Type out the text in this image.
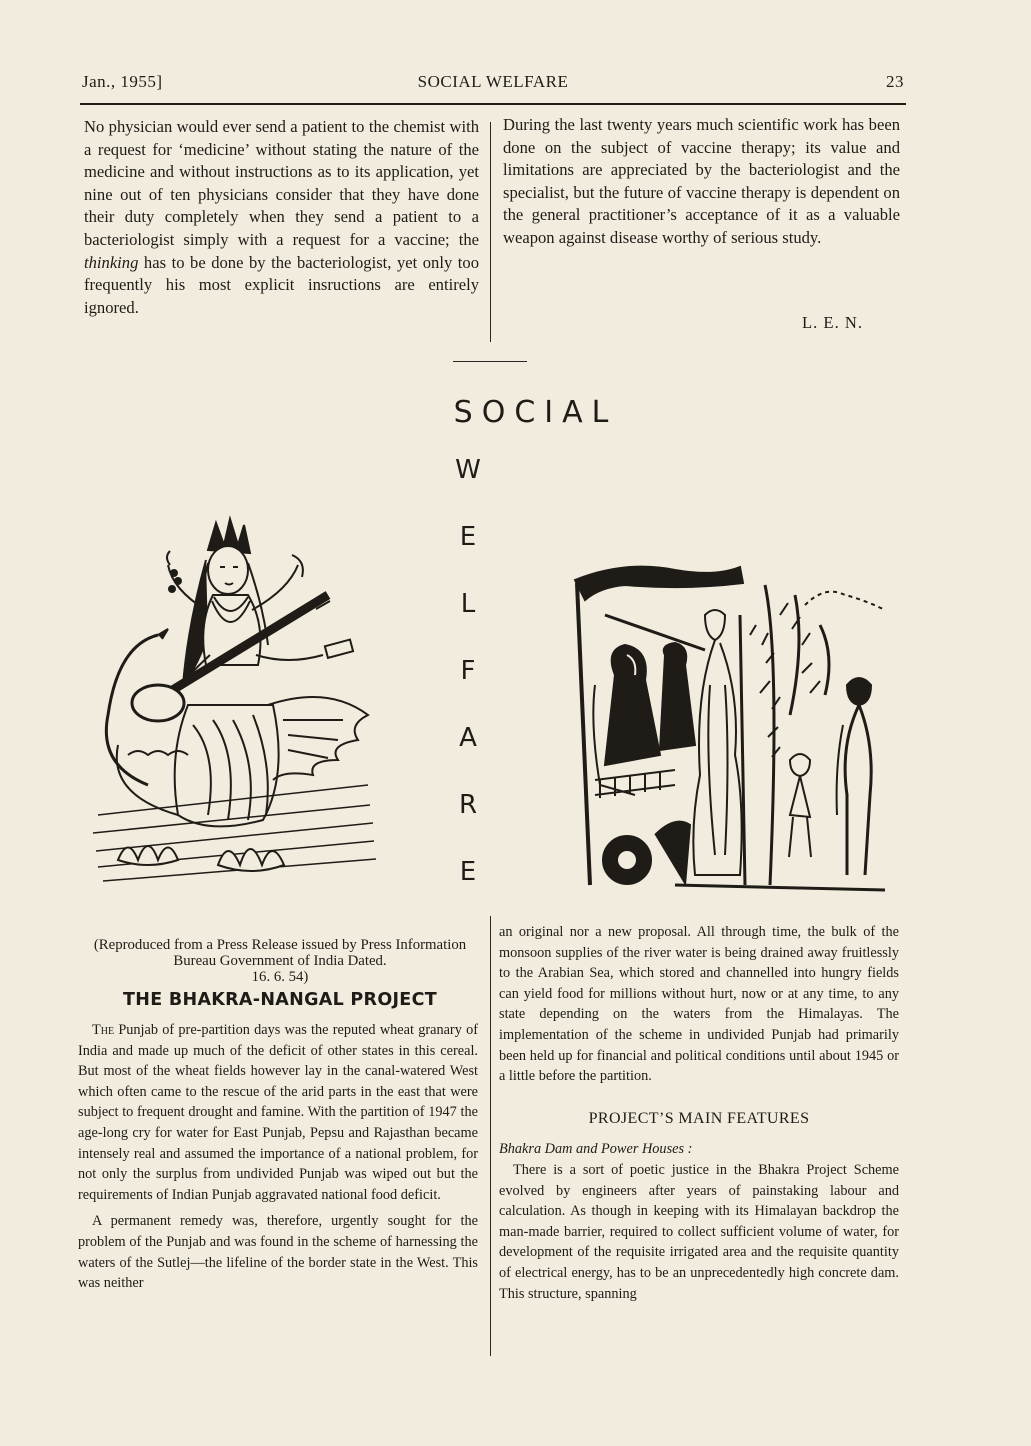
Jan., 1955]	SOCIAL WELFARE	23

No physician would ever send a patient to the chemist with a request for ‘medicine’ without stating the nature of the medicine and without instructions as to its application, yet nine out of ten physicians consider that they have done their duty completely when they send a patient to a bacteriologist simply with a request for a vaccine; the thinking has to be done by the bacteriologist, yet only too frequently his most explicit insructions are entirely ignored.

During the last twenty years much scientific work has been done on the subject of vaccine therapy; its value and limitations are appreciated by the bacteriologist and the specialist, but the future of vaccine therapy is dependent on the general practitioner’s acceptance of it as a valuable weapon against disease worthy of serious study.

L. E. N.
SOCIAL
W
E
L
F
A
R
E
(Reproduced from a Press Release issued by Press Information Bureau Government of India Dated.
16. 6. 54)
THE BHAKRA-NANGAL PROJECT

The Punjab of pre-partition days was the reputed wheat granary of India and made up much of the deficit of other states in this cereal. But most of the wheat fields however lay in the canal-watered West which often came to the rescue of the arid parts in the east that were subject to frequent drought and famine. With the partition of 1947 the age-long cry for water for East Punjab, Pepsu and Rajasthan became intensely real and assumed the importance of a national problem, for not only the surplus from undivided Punjab was wiped out but the requirements of Indian Punjab aggravated national food deficit.

A permanent remedy was, therefore, urgently sought for the problem of the Punjab and was found in the scheme of harnessing the waters of the Sutlej—the lifeline of the border state in the West. This was neither

an original nor a new proposal. All through time, the bulk of the monsoon supplies of the river water is being drained away fruitlessly to the Arabian Sea, which stored and channelled into hungry fields can yield food for millions without hurt, now or at any time, to any state depending on the waters from the Himalayas. The implementation of the scheme in undivided Punjab had primarily been held up for financial and political conditions until about 1945 or a little before the partition.

PROJECT’S MAIN FEATURES

Bhakra Dam and Power Houses :

There is a sort of poetic justice in the Bhakra Project Scheme evolved by engineers after years of painstaking labour and calculation. As though in keeping with its Himalayan backdrop the man-made barrier, required to collect sufficient volume of water, for development of the requisite irrigated area and the requisite quantity of electrical energy, has to be an unprecedentedly high concrete dam. This structure, spanning
